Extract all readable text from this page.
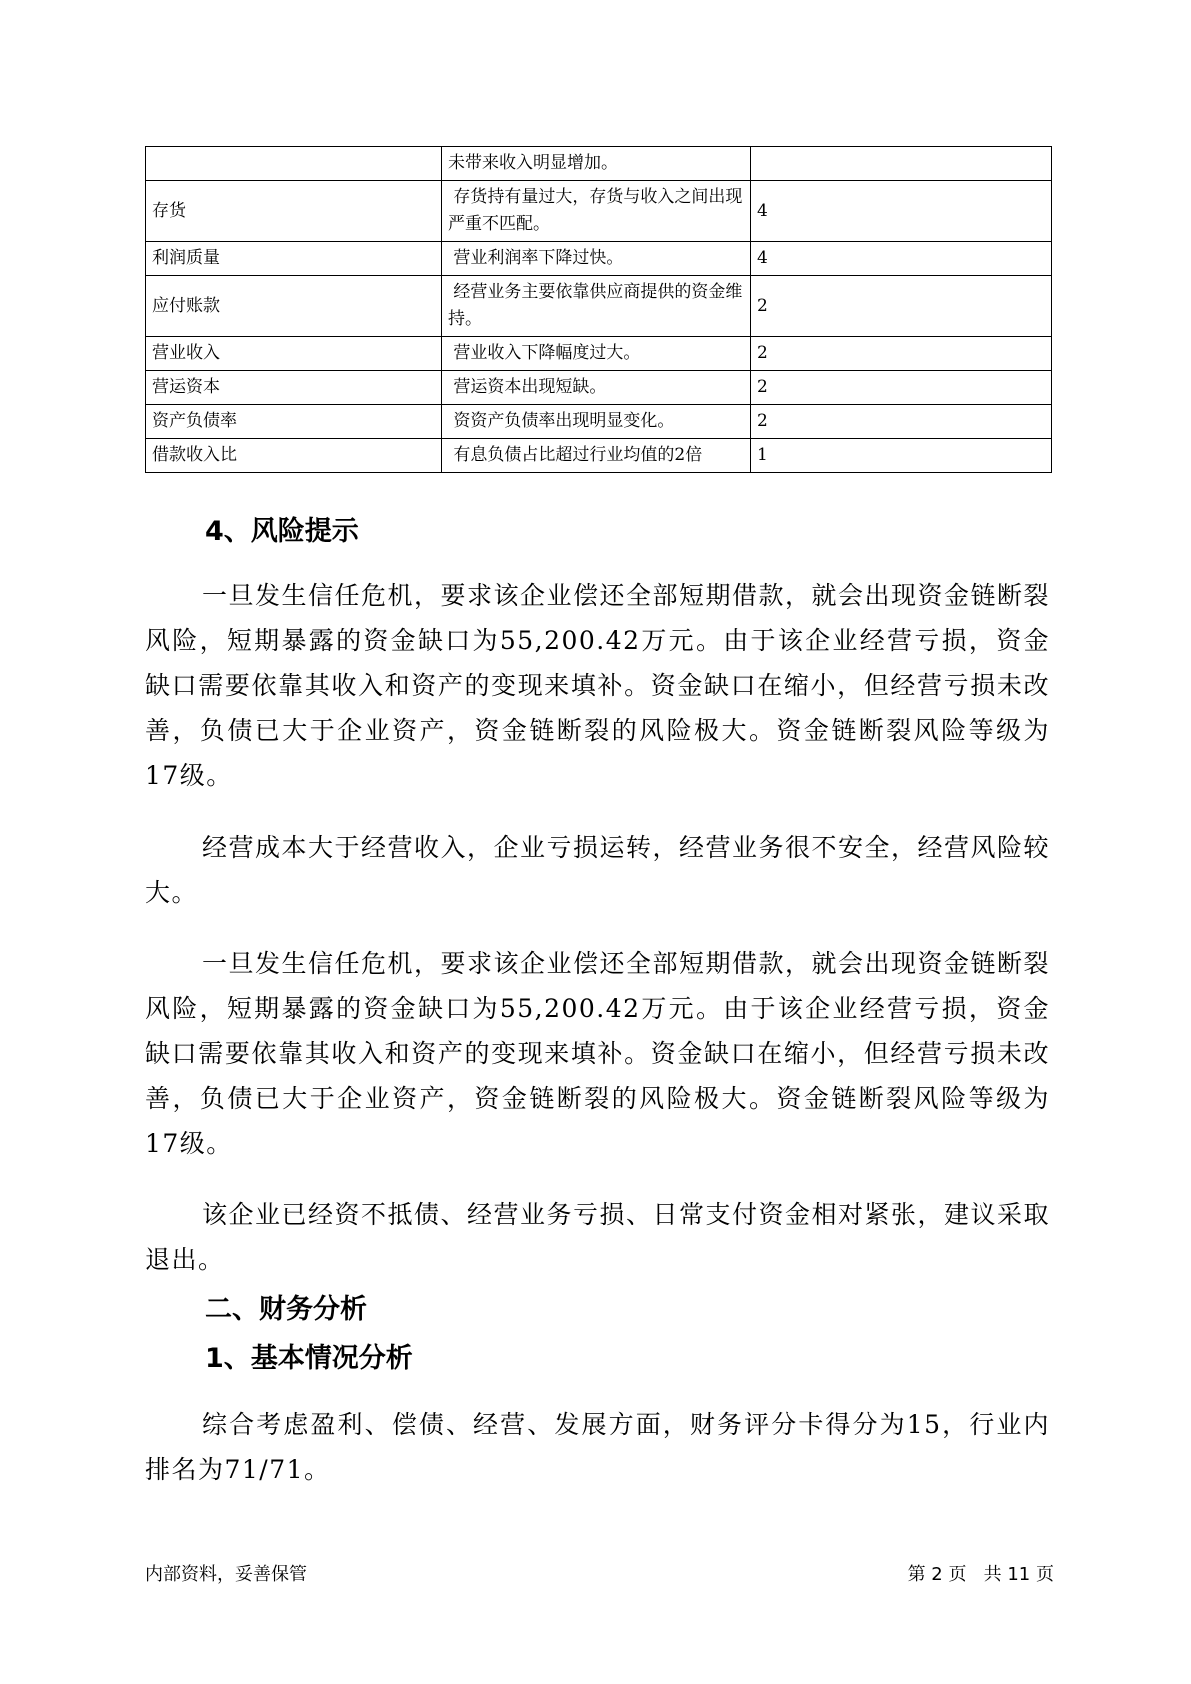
	未带来收入明显增加。	
存货	存货持有量过大，存货与收入之间出现严重不匹配。	4
利润质量	营业利润率下降过快。	4
应付账款	经营业务主要依靠供应商提供的资金维持。	2
营业收入	营业收入下降幅度过大。	2
营运资本	营运资本出现短缺。	2
资产负债率	资资产负债率出现明显变化。	2
借款收入比	有息负债占比超过行业均值的2倍	1
4、风险提示

一旦发生信任危机，要求该企业偿还全部短期借款，就会出现资金链断裂风险，短期暴露的资金缺口为55,200.42万元。由于该企业经营亏损，资金缺口需要依靠其收入和资产的变现来填补。资金缺口在缩小，但经营亏损未改善，负债已大于企业资产，资金链断裂的风险极大。资金链断裂风险等级为17级。

经营成本大于经营收入，企业亏损运转，经营业务很不安全，经营风险较大。

一旦发生信任危机，要求该企业偿还全部短期借款，就会出现资金链断裂风险，短期暴露的资金缺口为55,200.42万元。由于该企业经营亏损，资金缺口需要依靠其收入和资产的变现来填补。资金缺口在缩小，但经营亏损未改善，负债已大于企业资产，资金链断裂的风险极大。资金链断裂风险等级为17级。

该企业已经资不抵债、经营业务亏损、日常支付资金相对紧张，建议采取退出。

二、财务分析
1、基本情况分析

综合考虑盈利、偿债、经营、发展方面，财务评分卡得分为15，行业内排名为71/71。

内部资料，妥善保管	第 2 页   共 11 页
